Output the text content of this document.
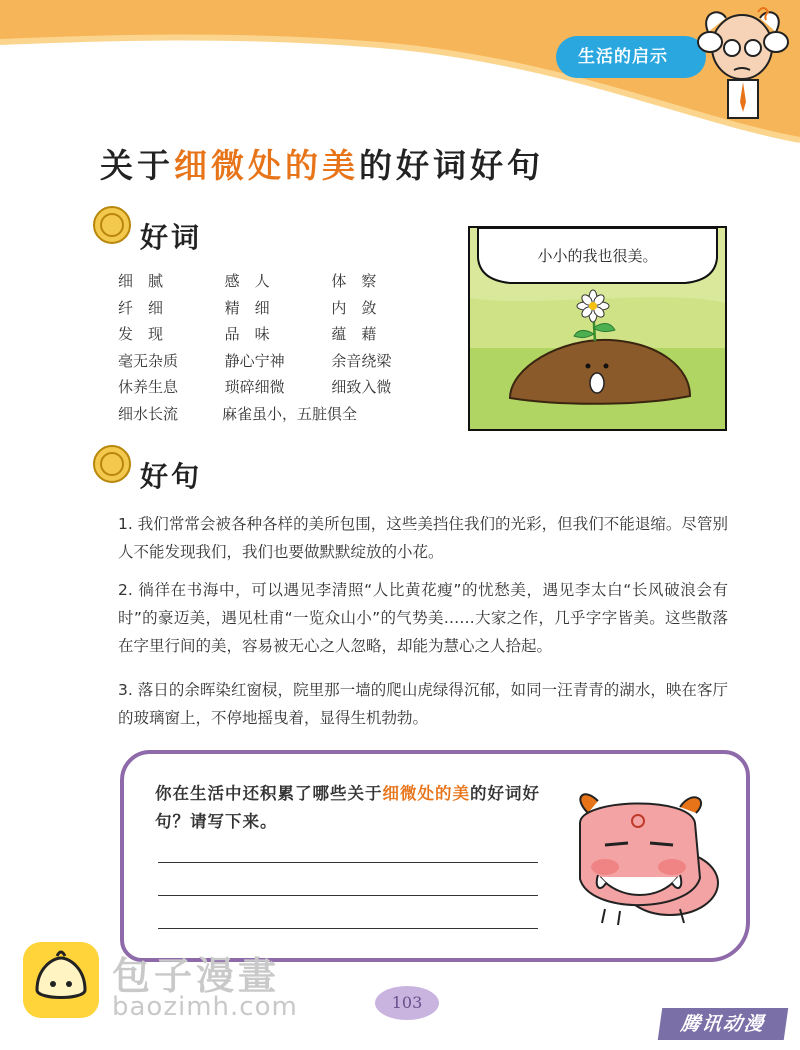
生活的启示
关于细微处的美的好词好句
好词
细　腻	感　人	体　察
纤　细	精　细	内　敛
发　现	品　味	蕴　藉
毫无杂质	静心宁神	余音绕梁
休养生息	琐碎细微	细致入微
细水长流	麻雀虽小，五脏俱全
小小的我也很美。
好句
1. 我们常常会被各种各样的美所包围，这些美挡住我们的光彩，但我们不能退缩。尽管别人不能发现我们，我们也要做默默绽放的小花。
2. 徜徉在书海中，可以遇见李清照“人比黄花瘦”的忧愁美，遇见李太白“长风破浪会有时”的豪迈美，遇见杜甫“一览众山小”的气势美……大家之作，几乎字字皆美。这些散落在字里行间的美，容易被无心之人忽略，却能为慧心之人拾起。
3. 落日的余晖染红窗棂，院里那一墙的爬山虎绿得沉郁，如同一汪青青的湖水，映在客厅的玻璃窗上，不停地摇曳着，显得生机勃勃。
你在生活中还积累了哪些关于细微处的美的好词好句？请写下来。
包子漫畫
baozimh.com	103
腾讯动漫
